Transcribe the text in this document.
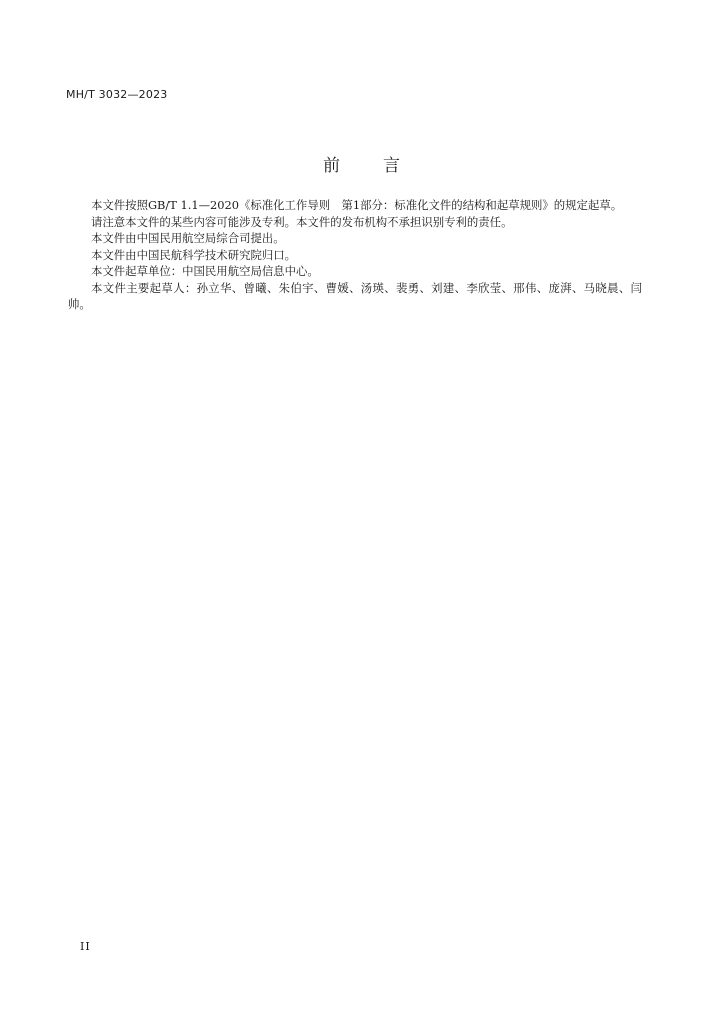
MH/T 3032—2023
前 言

本文件按照GB/T 1.1—2020《标准化工作导则　第1部分：标准化文件的结构和起草规则》的规定起草。

请注意本文件的某些内容可能涉及专利。本文件的发布机构不承担识别专利的责任。

本文件由中国民用航空局综合司提出。

本文件由中国民航科学技术研究院归口。

本文件起草单位：中国民用航空局信息中心。

本文件主要起草人：孙立华、曾曦、朱伯宇、曹媛、汤瑛、裴勇、刘建、李欣莹、邢伟、庞湃、马晓晨、闫帅。

II
